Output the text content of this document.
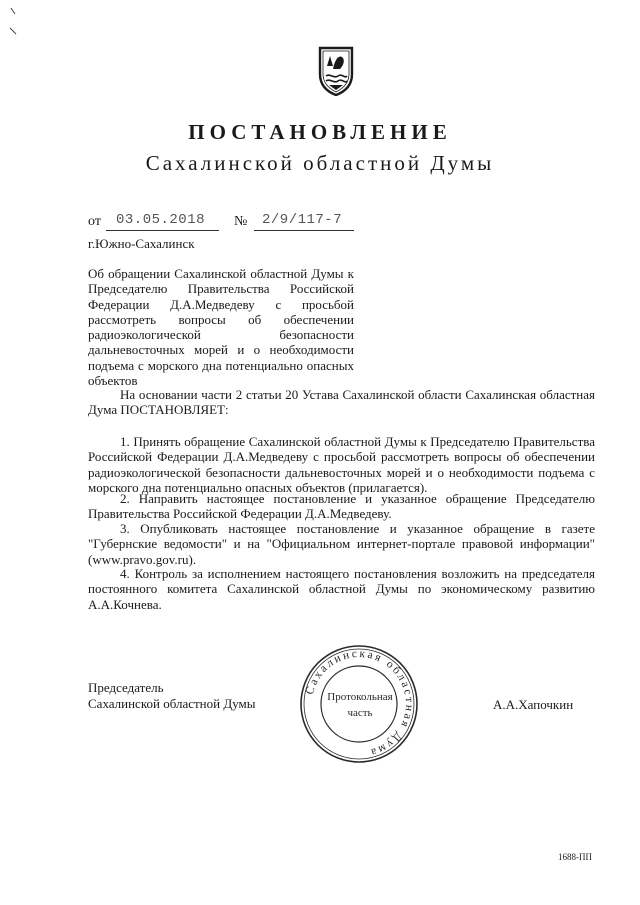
ПОСТАНОВЛЕНИЕ
Сахалинской областной Думы
от 03.05.2018 № 2/9/117-7
г.Южно-Сахалинск
Об обращении Сахалинской областной Думы к Председателю Правительства Российской Федерации Д.А.Медведеву с просьбой рассмотреть вопросы об обеспечении радиоэкологической безопасности дальневосточных морей и о необходимости подъема с морского дна потенциально опасных объектов
На основании части 2 статьи 20 Устава Сахалинской области Сахалинская областная Дума ПОСТАНОВЛЯЕТ:
1. Принять обращение Сахалинской областной Думы к Председателю Правительства Российской Федерации Д.А.Медведеву с просьбой рассмотреть вопросы об обеспечении радиоэкологической безопасности дальневосточных морей и о необходимости подъема с морского дна потенциально опасных объектов (прилагается).
2. Направить настоящее постановление и указанное обращение Председателю Правительства Российской Федерации Д.А.Медведеву.
3. Опубликовать настоящее постановление и указанное обращение в газете "Губернские ведомости" и на "Официальном интернет-портале правовой информации" (www.pravo.gov.ru).
4. Контроль за исполнением настоящего постановления возложить на председателя постоянного комитета Сахалинской областной Думы по экономическому развитию А.А.Кочнева.
Председатель
Сахалинской областной Думы	А.А.Хапочкин
Сахалинская областная Дума
Протокольная
часть
1688-ПП
